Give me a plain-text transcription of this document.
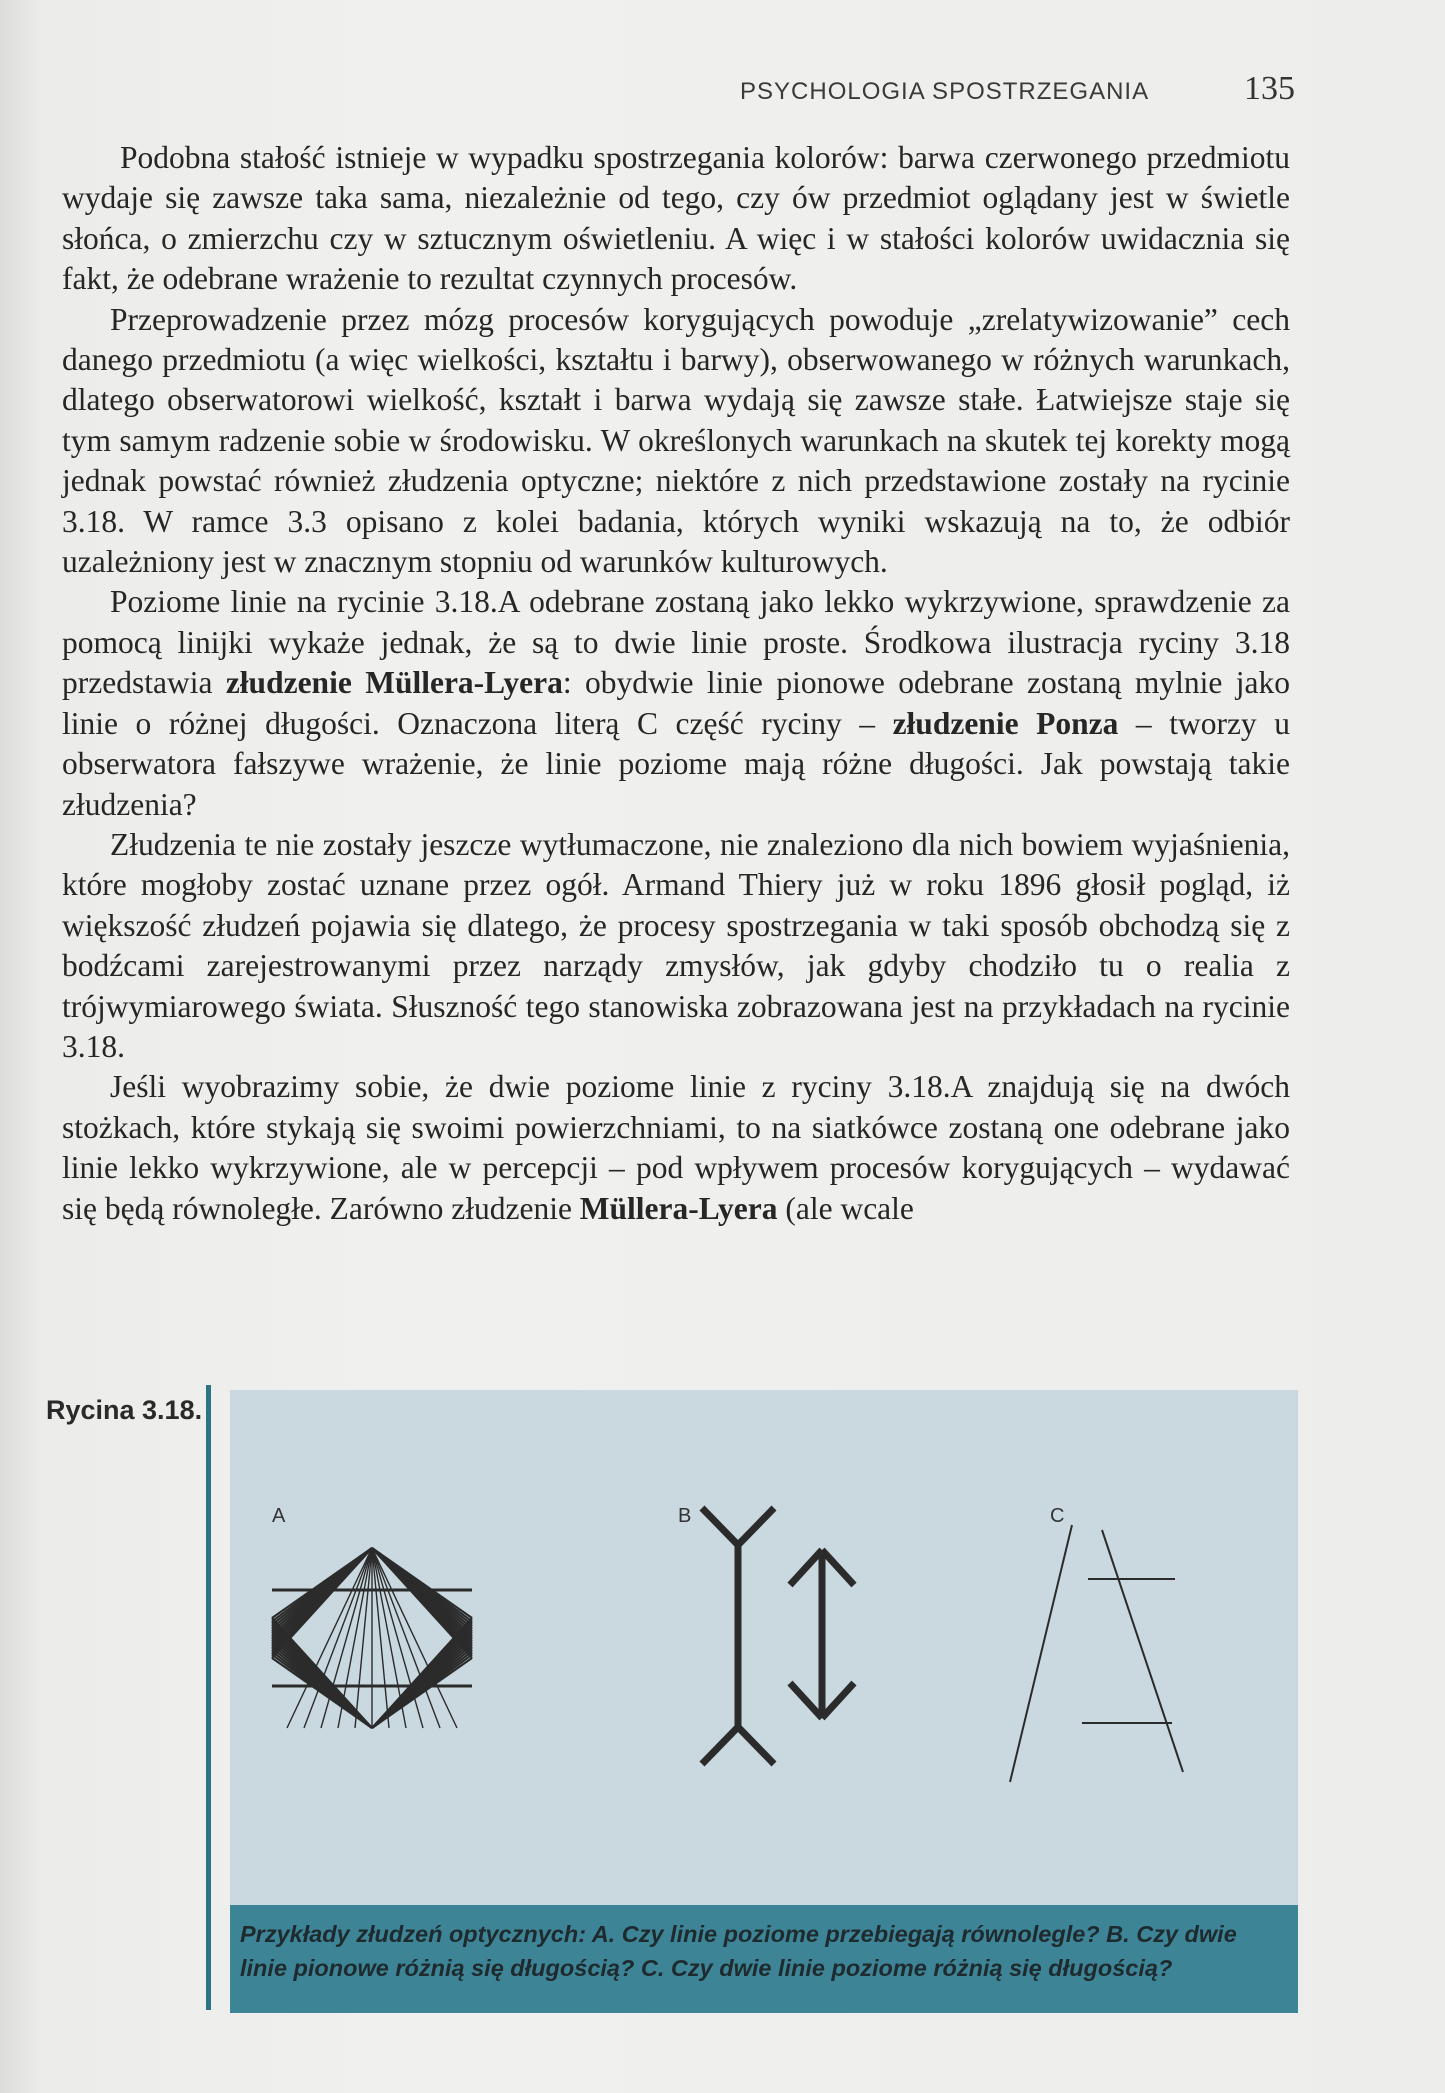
PSYCHOLOGIA SPOSTRZEGANIA	135

Podobna stałość istnieje w wypadku spostrzegania kolorów: barwa czerwonego przedmiotu wydaje się zawsze taka sama, niezależnie od tego, czy ów przedmiot oglądany jest w świetle słońca, o zmierzchu czy w sztucznym oświetleniu. A więc i w stałości kolorów uwidacznia się fakt, że odebrane wrażenie to rezultat czynnych procesów.

Przeprowadzenie przez mózg procesów korygujących powoduje „zrelatywizowanie” cech danego przedmiotu (a więc wielkości, kształtu i barwy), obserwowanego w różnych warunkach, dlatego obserwatorowi wielkość, kształt i barwa wydają się zawsze stałe. Łatwiejsze staje się tym samym radzenie sobie w środowisku. W określonych warunkach na skutek tej korekty mogą jednak powstać również złudzenia optyczne; niektóre z nich przedstawione zostały na rycinie 3.18. W ramce 3.3 opisano z kolei badania, których wyniki wskazują na to, że odbiór uzależniony jest w znacznym stopniu od warunków kulturowych.

Poziome linie na rycinie 3.18.A odebrane zostaną jako lekko wykrzywione, sprawdzenie za pomocą linijki wykaże jednak, że są to dwie linie proste. Środkowa ilustracja ryciny 3.18 przedstawia złudzenie Müllera-Lyera: obydwie linie pionowe odebrane zostaną mylnie jako linie o różnej długości. Oznaczona literą C część ryciny – złudzenie Ponza – tworzy u obserwatora fałszywe wrażenie, że linie poziome mają różne długości. Jak powstają takie złudzenia?

Złudzenia te nie zostały jeszcze wytłumaczone, nie znaleziono dla nich bowiem wyjaśnienia, które mogłoby zostać uznane przez ogół. Armand Thiery już w roku 1896 głosił pogląd, iż większość złudzeń pojawia się dlatego, że procesy spostrzegania w taki sposób obchodzą się z bodźcami zarejestrowanymi przez narządy zmysłów, jak gdyby chodziło tu o realia z trójwymiarowego świata. Słuszność tego stanowiska zobrazowana jest na przykładach na rycinie 3.18.

Jeśli wyobrazimy sobie, że dwie poziome linie z ryciny 3.18.A znajdują się na dwóch stożkach, które stykają się swoimi powierzchniami, to na siatkówce zostaną one odebrane jako linie lekko wykrzywione, ale w percepcji – pod wpływem procesów korygujących – wydawać się będą równoległe. Zarówno złudzenie Müllera-Lyera (ale wcale

Rycina 3.18.
A	B	C
Przykłady złudzeń optycznych: A. Czy linie poziome przebiegają równolegle? B. Czy dwie linie pionowe różnią się długością? C. Czy dwie linie poziome różnią się długością?
